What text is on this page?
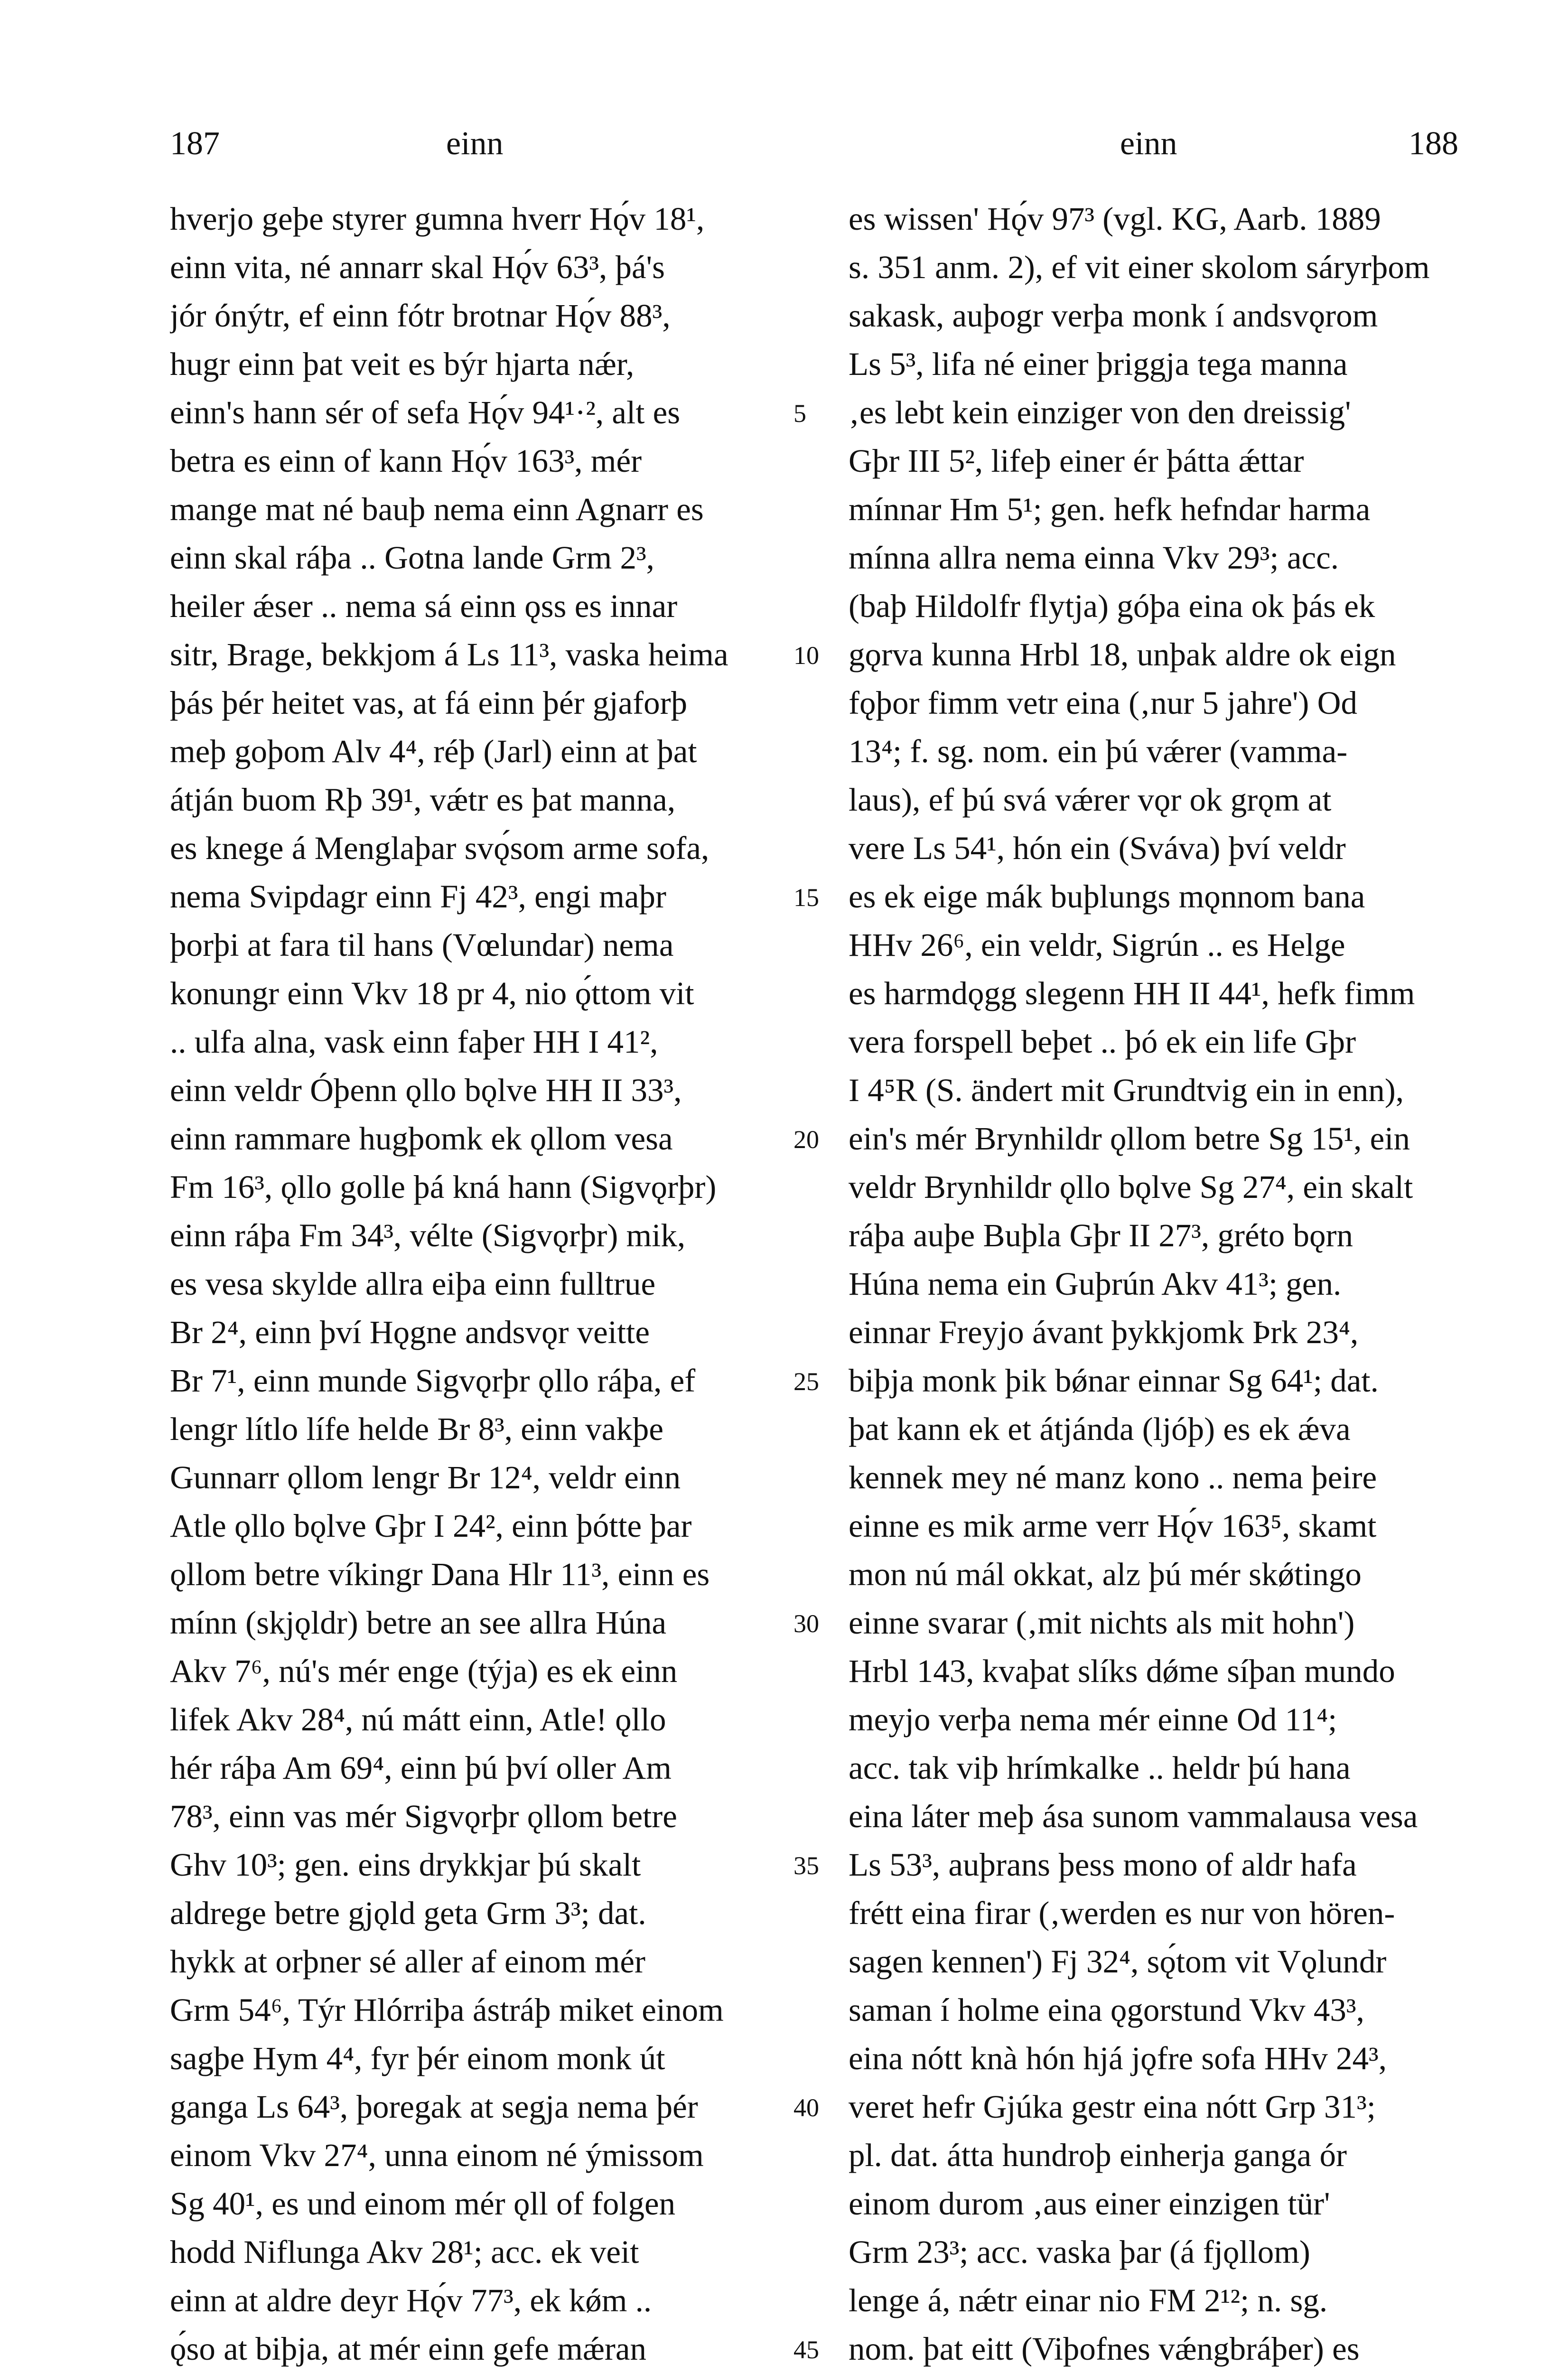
187	einn	einn	188
hverjo geþe styrer gumna hverr Hǫ́v 18¹,
einn vita, né annarr skal Hǫ́v 63³, þá's
jór ónýtr, ef einn fótr brotnar Hǫ́v 88³,
hugr einn þat veit es býr hjarta nǽr,
einn's hann sér of sefa Hǫ́v 94¹·², alt es
betra es einn of kann Hǫ́v 163³, mér
mange mat né bauþ nema einn Agnarr es
einn skal ráþa .. Gotna lande Grm 2³,
heiler ǽser .. nema sá einn ǫss es innar
sitr, Brage, bekkjom á Ls 11³, vaska heima
þás þér heitet vas, at fá einn þér gjaforþ
meþ goþom Alv 4⁴, réþ (Jarl) einn at þat
átján buom Rþ 39¹, vǽtr es þat manna,
es knege á Menglaþar svǫ́som arme sofa,
nema Svipdagr einn Fj 42³, engi maþr
þorþi at fara til hans (Vœlundar) nema
konungr einn Vkv 18 pr 4, nio ǫ́ttom vit
.. ulfa alna, vask einn faþer HH I 41²,
einn veldr Óþenn ǫllo bǫlve HH II 33³,
einn rammare hugþomk ek ǫllom vesa
Fm 16³, ǫllo golle þá kná hann (Sigvǫrþr)
einn ráþa Fm 34³, vélte (Sigvǫrþr) mik,
es vesa skylde allra eiþa einn fulltrue
Br 2⁴, einn því Hǫgne andsvǫr veitte
Br 7¹, einn munde Sigvǫrþr ǫllo ráþa, ef
lengr lítlo lífe helde Br 8³, einn vakþe
Gunnarr ǫllom lengr Br 12⁴, veldr einn
Atle ǫllo bǫlve Gþr I 24², einn þótte þar
ǫllom betre víkingr Dana Hlr 11³, einn es
mínn (skjǫldr) betre an see allra Húna
Akv 7⁶, nú's mér enge (týja) es ek einn
lifek Akv 28⁴, nú mátt einn, Atle! ǫllo
hér ráþa Am 69⁴, einn þú því oller Am
78³, einn vas mér Sigvǫrþr ǫllom betre
Ghv 10³; gen. eins drykkjar þú skalt
aldrege betre gjǫld geta Grm 3³; dat.
hykk at orþner sé aller af einom mér
Grm 54⁶, Týr Hlórriþa ástráþ miket einom
sagþe Hym 4⁴, fyr þér einom monk út
ganga Ls 64³, þoregak at segja nema þér
einom Vkv 27⁴, unna einom né ýmissom
Sg 40¹, es und einom mér ǫll of folgen
hodd Niflunga Akv 28¹; acc. ek veit
einn at aldre deyr Hǫ́v 77³, ek kǿm ..
ǫ́so at biþja, at mér einn gefe mǽran
5
10
15
20
25
30
35
40
45
es wissen' Hǫ́v 97³ (vgl. KG, Aarb. 1889
s. 351 anm. 2), ef vit einer skolom sáryrþom
sakask, auþogr verþa monk í andsvǫrom
Ls 5³, lifa né einer þriggja tega manna
‚es lebt kein einziger von den dreissig'
Gþr III 5², lifeþ einer ér þátta ǽttar
mínnar Hm 5¹; gen. hefk hefndar harma
mínna allra nema einna Vkv 29³; acc.
(baþ Hildolfr flytja) góþa eina ok þás ek
gǫrva kunna Hrbl 18, unþak aldre ok eign
fǫþor fimm vetr eina (‚nur 5 jahre') Od
13⁴; f. sg. nom. ein þú vǽrer (vamma-
laus), ef þú svá vǽrer vǫr ok grǫm at
vere Ls 54¹, hón ein (Sváva) því veldr
es ek eige mák buþlungs mǫnnom bana
HHv 26⁶, ein veldr, Sigrún .. es Helge
es harmdǫgg slegenn HH II 44¹, hefk fimm
vera forspell beþet .. þó ek ein life Gþr
I 4⁵R (S. ändert mit Grundtvig ein in enn),
ein's mér Brynhildr ǫllom betre Sg 15¹, ein
veldr Brynhildr ǫllo bǫlve Sg 27⁴, ein skalt
ráþa auþe Buþla Gþr II 27³, gréto bǫrn
Húna nema ein Guþrún Akv 41³; gen.
einnar Freyjo ávant þykkjomk Þrk 23⁴,
biþja monk þik bǿnar einnar Sg 64¹; dat.
þat kann ek et átjánda (ljóþ) es ek ǽva
kennek mey né manz kono .. nema þeire
einne es mik arme verr Hǫ́v 163⁵, skamt
mon nú mál okkat, alz þú mér skǿtingo
einne svarar (‚mit nichts als mit hohn')
Hrbl 143, kvaþat slíks dǿme síþan mundo
meyjo verþa nema mér einne Od 11⁴;
acc. tak viþ hrímkalke .. heldr þú hana
eina láter meþ ása sunom vammalausa vesa
Ls 53³, auþrans þess mono of aldr hafa
frétt eina firar (‚werden es nur von hören-
sagen kennen') Fj 32⁴, sǫ́tom vit Vǫlundr
saman í holme eina ǫgorstund Vkv 43³,
eina nótt knà hón hjá jǫfre sofa HHv 24³,
veret hefr Gjúka gestr eina nótt Grp 31³;
pl. dat. átta hundroþ einherja ganga ór
einom durom ‚aus einer einzigen tür'
Grm 23³; acc. vaska þar (á fjǫllom)
lenge á, nǽtr einar nio FM 2¹²; n. sg.
nom. þat eitt (Viþofnes vǽngbráþer) es
